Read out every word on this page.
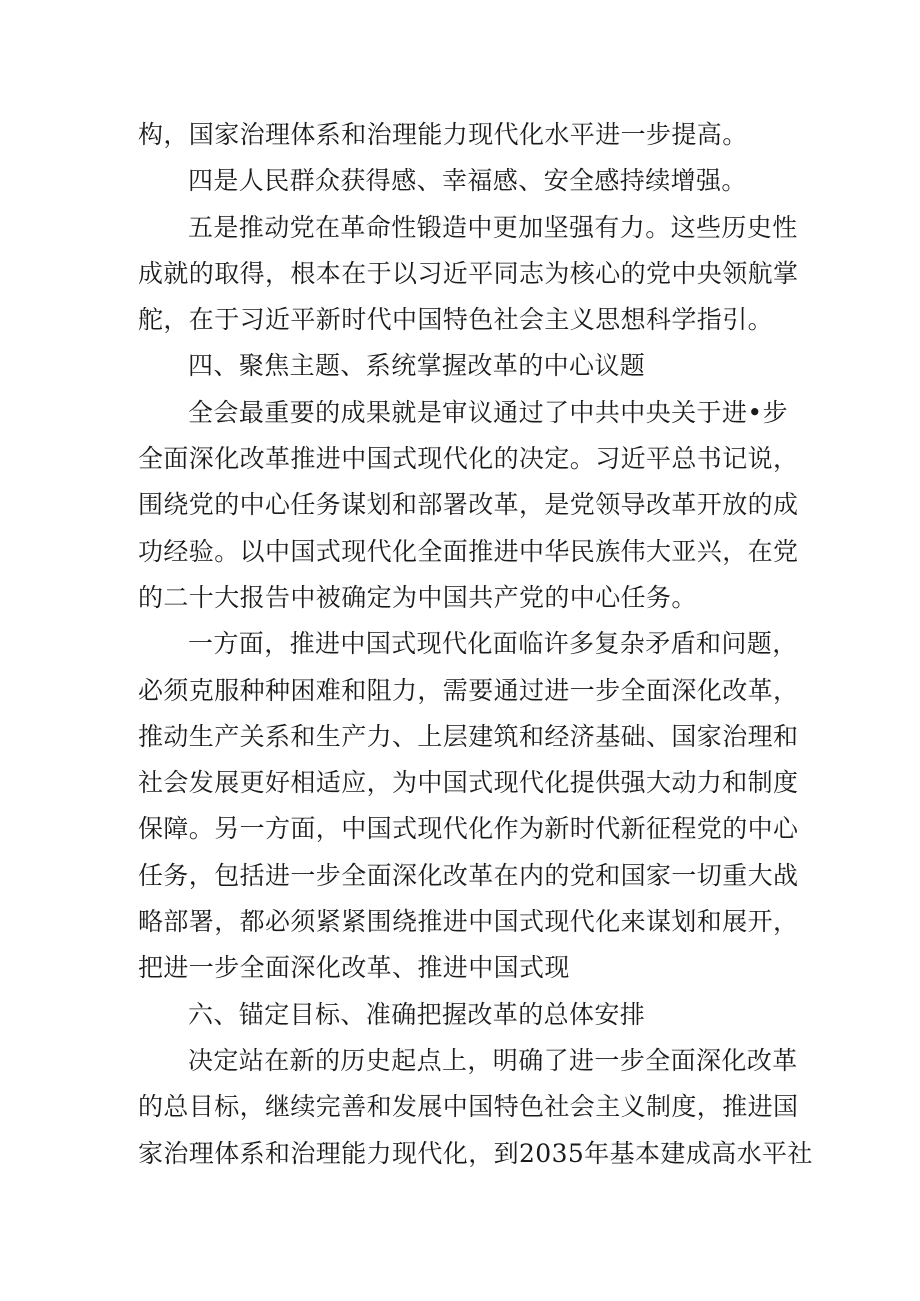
构，国家治理体系和治理能力现代化水平进一步提高。
四是人民群众获得感、幸福感、安全感持续增强。
五是推动党在革命性锻造中更加坚强有力。这些历史性
成就的取得，根本在于以习近平同志为核心的党中央领航掌
舵，在于习近平新时代中国特色社会主义思想科学指引。
四、聚焦主题、系统掌握改革的中心议题
全会最重要的成果就是审议通过了中共中央关于进•步
全面深化改革推进中国式现代化的决定。习近平总书记说，
围绕党的中心任务谋划和部署改革，是党领导改革开放的成
功经验。以中国式现代化全面推进中华民族伟大亚兴，在党
的二十大报告中被确定为中国共产党的中心任务。
一方面，推进中国式现代化面临许多复杂矛盾和问题，
必须克服种种困难和阻力，需要通过进一步全面深化改革，
推动生产关系和生产力、上层建筑和经济基础、国家治理和
社会发展更好相适应，为中国式现代化提供强大动力和制度
保障。另一方面，中国式现代化作为新时代新征程党的中心
任务，包括进一步全面深化改革在内的党和国家一切重大战
略部署，都必须紧紧围绕推进中国式现代化来谋划和展开，
把进一步全面深化改革、推进中国式现
六、锚定目标、准确把握改革的总体安排
决定站在新的历史起点上，明确了进一步全面深化改革
的总目标，继续完善和发展中国特色社会主义制度，推进国
家治理体系和治理能力现代化，到2035年基本建成高水平社
